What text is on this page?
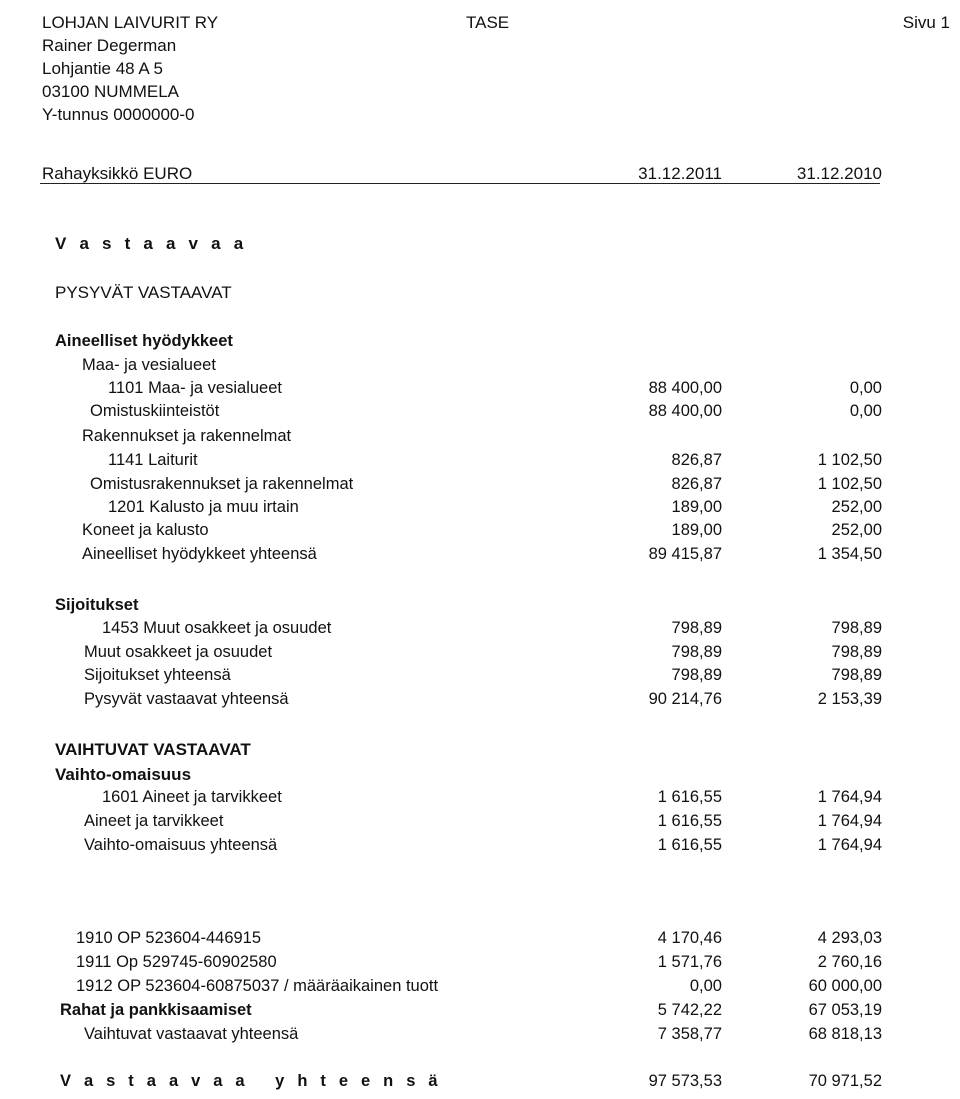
LOHJAN LAIVURIT RY
Rainer Degerman
Lohjantie 48 A 5
03100 NUMMELA
Y-tunnus 0000000-0
TASE	Sivu 1
Rahayksikkö EURO	31.12.2011	31.12.2010
V a s t a a v a a
PYSYVÄT VASTAAVAT
Aineelliset hyödykkeet
Maa- ja vesialueet
1101 Maa- ja vesialueet	88 400,00	0,00
Omistuskiinteistöt	88 400,00	0,00
Rakennukset ja rakennelmat
1141 Laiturit	826,87	1 102,50
Omistusrakennukset ja rakennelmat	826,87	1 102,50
1201 Kalusto ja muu irtain	189,00	252,00
Koneet ja kalusto	189,00	252,00
Aineelliset hyödykkeet yhteensä	89 415,87	1 354,50
Sijoitukset
1453 Muut osakkeet ja osuudet	798,89	798,89
Muut osakkeet ja osuudet	798,89	798,89
Sijoitukset yhteensä	798,89	798,89
Pysyvät vastaavat yhteensä	90 214,76	2 153,39
VAIHTUVAT VASTAAVAT
Vaihto-omaisuus
1601 Aineet ja tarvikkeet	1 616,55	1 764,94
Aineet ja tarvikkeet	1 616,55	1 764,94
Vaihto-omaisuus yhteensä	1 616,55	1 764,94
1910 OP 523604-446915	4 170,46	4 293,03
1911 Op 529745-60902580	1 571,76	2 760,16
1912 OP 523604-60875037 / määräaikainen tuott	0,00	60 000,00
Rahat ja pankkisaamiset	5 742,22	67 053,19
Vaihtuvat vastaavat yhteensä	7 358,77	68 818,13
V a s t a a v a a   y h t e e n s ä	97 573,53	70 971,52
